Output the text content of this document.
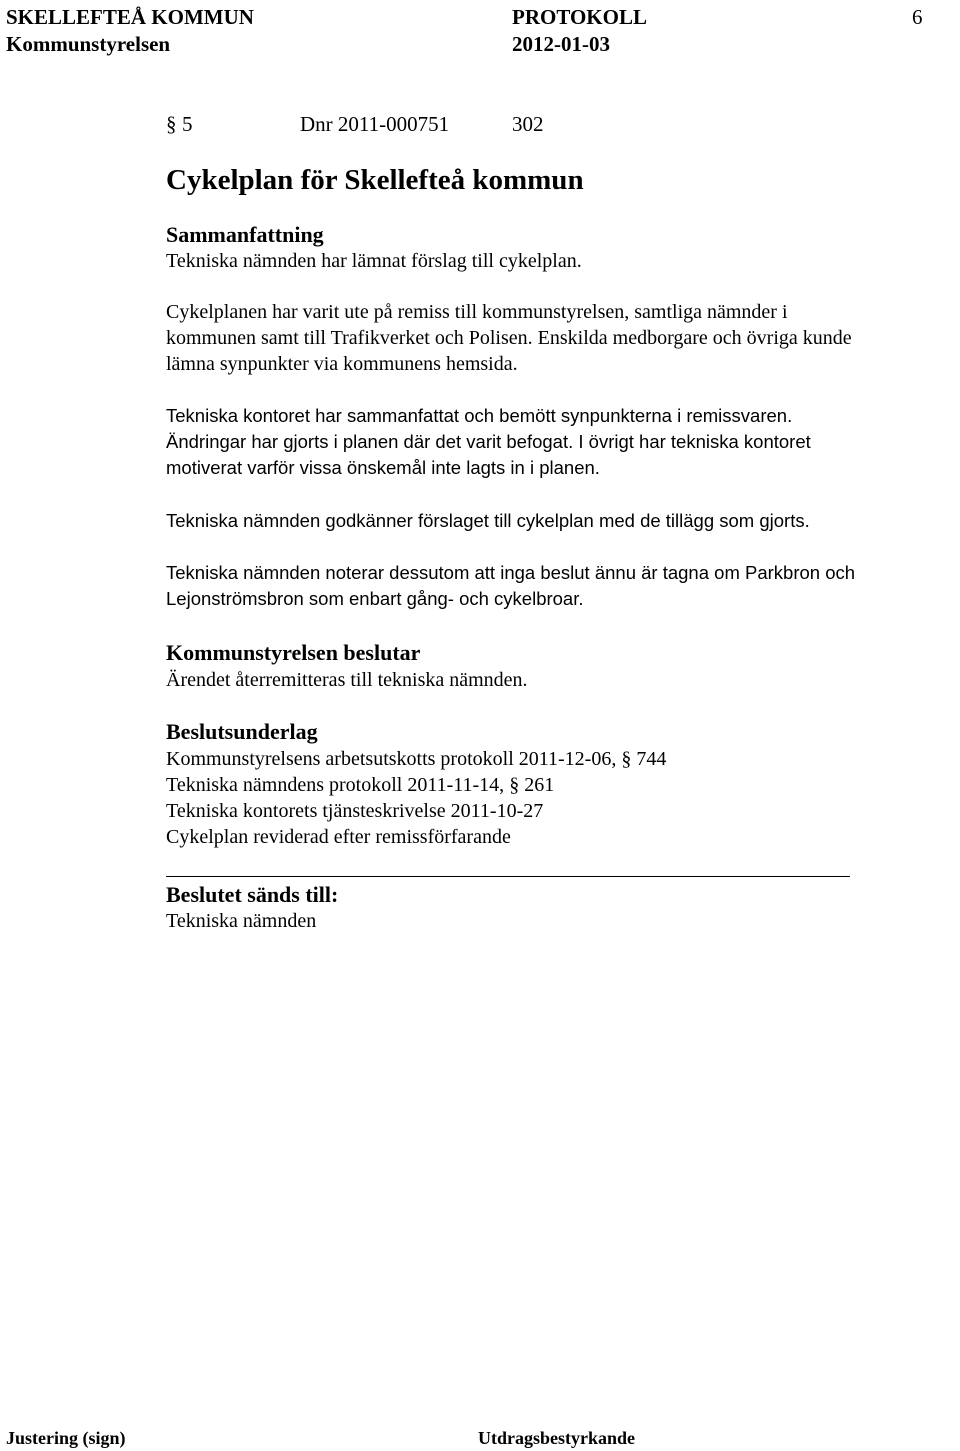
SKELLEFTEÅ KOMMUN	PROTOKOLL	6
Kommunstyrelsen	2012-01-03
§ 5	Dnr 2011-000751	302
Cykelplan för Skellefteå kommun
Sammanfattning
Tekniska nämnden har lämnat förslag till cykelplan.
Cykelplanen har varit ute på remiss till kommunstyrelsen, samtliga nämnder i
kommunen samt till Trafikverket och Polisen. Enskilda medborgare och övriga kunde
lämna synpunkter via kommunens hemsida.
Tekniska kontoret har sammanfattat och bemött synpunkterna i remissvaren.
Ändringar har gjorts i planen där det varit befogat. I övrigt har tekniska kontoret
motiverat varför vissa önskemål inte lagts in i planen.
Tekniska nämnden godkänner förslaget till cykelplan med de tillägg som gjorts.
Tekniska nämnden noterar dessutom att inga beslut ännu är tagna om Parkbron och
Lejonströmsbron som enbart gång- och cykelbroar.
Kommunstyrelsen beslutar
Ärendet återremitteras till tekniska nämnden.
Beslutsunderlag
Kommunstyrelsens arbetsutskotts protokoll 2011-12-06, § 744
Tekniska nämndens protokoll 2011-11-14, § 261
Tekniska kontorets tjänsteskrivelse 2011-10-27
Cykelplan reviderad efter remissförfarande
Beslutet sänds till:
Tekniska nämnden
Justering (sign)	Utdragsbestyrkande
